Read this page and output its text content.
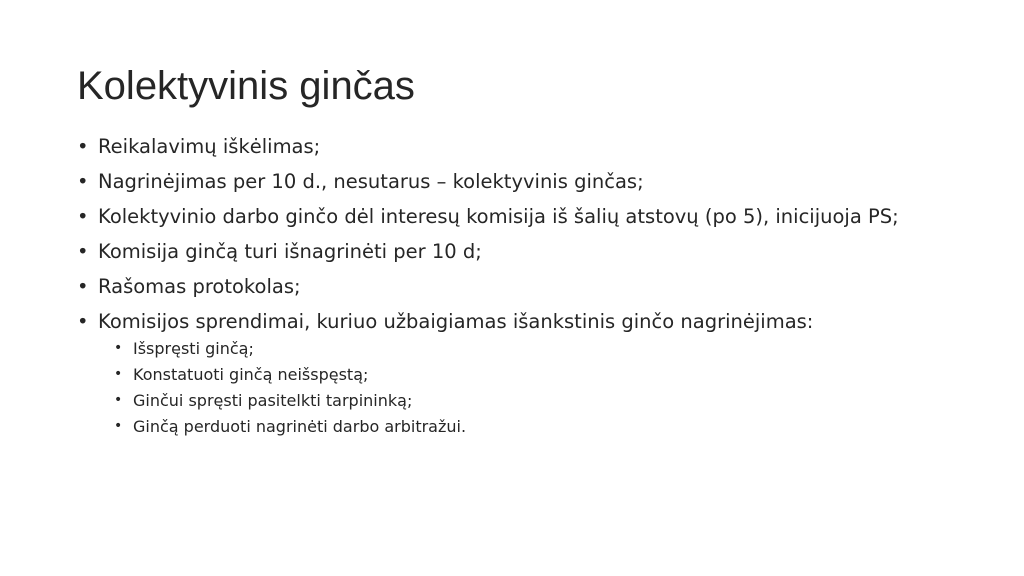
Kolektyvinis ginčas
• Reikalavimų iškėlimas;
• Nagrinėjimas per 10 d., nesutarus – kolektyvinis ginčas;
• Kolektyvinio darbo ginčo dėl interesų komisija iš šalių atstovų (po 5), inicijuoja PS;
• Komisija ginčą turi išnagrinėti per 10 d;
• Rašomas protokolas;
• Komisijos sprendimai, kuriuo užbaigiamas išankstinis ginčo nagrinėjimas:
• Išspręsti ginčą;
• Konstatuoti ginčą neišspęstą;
• Ginčui spręsti pasitelkti tarpininką;
• Ginčą perduoti nagrinėti darbo arbitražui.
